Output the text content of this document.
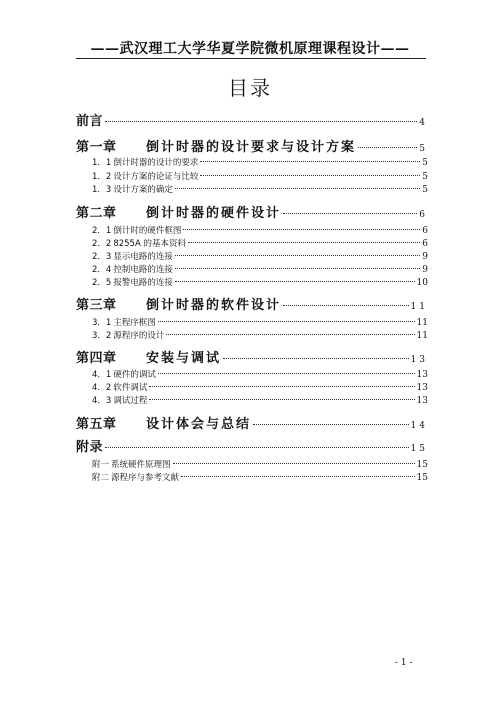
——武汉理工大学华夏学院微机原理课程设计——
目录
前言	4
第一章	倒计时器的设计要求与设计方案	5
1．1 倒计时器的设计的要求	5
1．2 设计方案的论证与比较	5
1．3 设计方案的确定	5
第二章	倒计时器的硬件设计	6
2．1 倒计时的硬件框图	6
2．2 8255A 的基本资料	6
2．3 显示电路的连接	9
2．4 控制电路的连接	9
2．5 报警电路的连接	10
第三章	倒计时器的软件设计	11
3．1 主程序框图	11
3．2 源程序的设计	11
第四章	安装与调试	13
4．1 硬件的调试	13
4．2 软件调试	13
4．3 调试过程	13
第五章	设计体会与总结	14
附录	15
附一 系统硬件原理图	15
附二 源程序与参考文献	15
- 1 -
